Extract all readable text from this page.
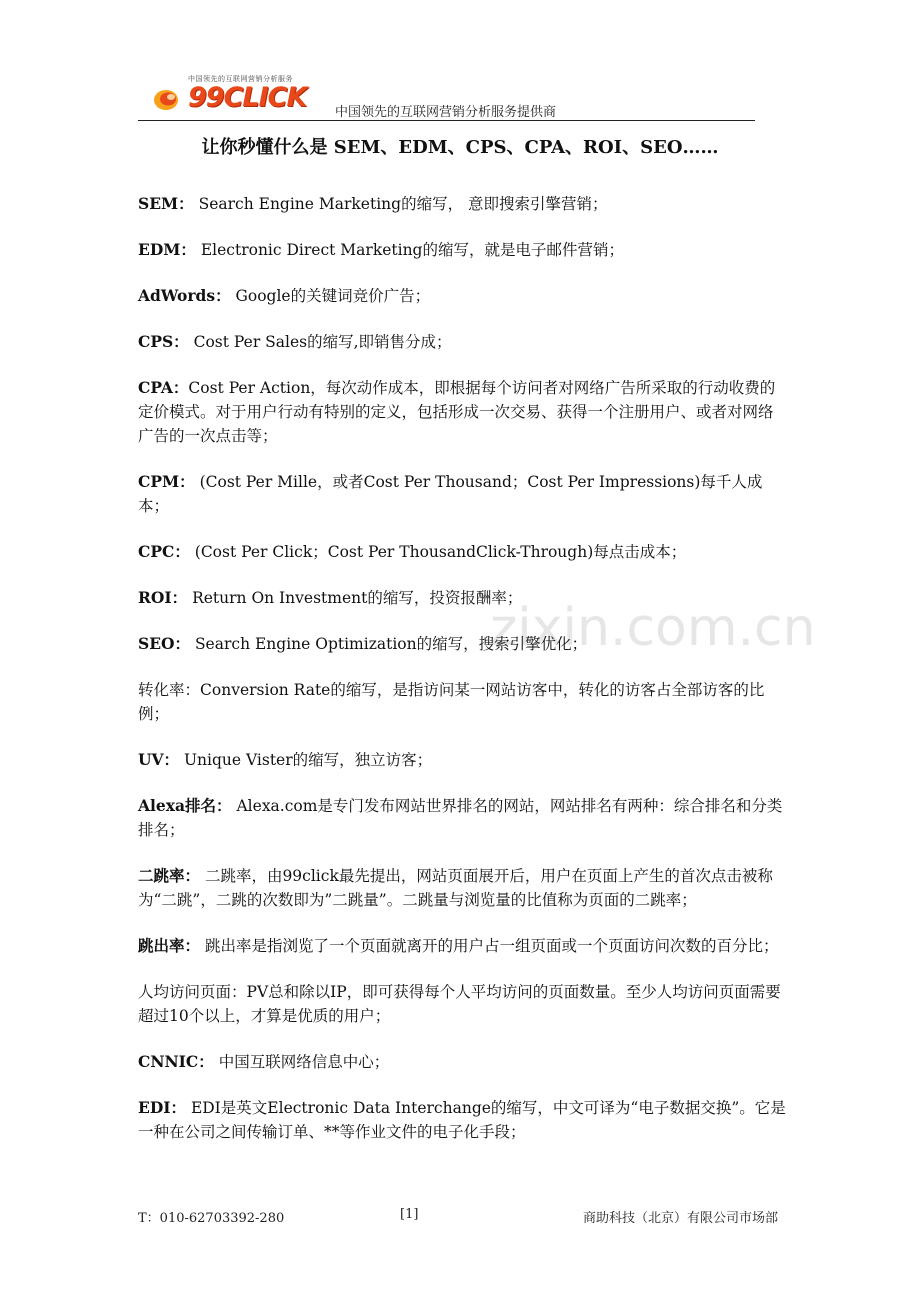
zixin.com.cn
中国领先的互联网营销分析服务
99CLICK 中国领先的互联网营销分析服务提供商
让你秒懂什么是 SEM、EDM、CPS、CPA、ROI、SEO……

SEM： Search Engine Marketing的缩写， 意即搜索引擎营销；

EDM： Electronic Direct Marketing的缩写，就是电子邮件营销；

AdWords： Google的关键词竞价广告；

CPS： Cost Per Sales的缩写,即销售分成；

CPA：Cost Per Action，每次动作成本，即根据每个访问者对网络广告所采取的行动收费的定价模式。对于用户行动有特别的定义，包括形成一次交易、获得一个注册用户、或者对网络广告的一次点击等；

CPM： (Cost Per Mille，或者Cost Per Thousand；Cost Per Impressions)每千人成本；

CPC： (Cost Per Click；Cost Per ThousandClick-Through)每点击成本；

ROI： Return On Investment的缩写，投资报酬率；

SEO： Search Engine Optimization的缩写，搜索引擎优化；

转化率：Conversion Rate的缩写，是指访问某一网站访客中，转化的访客占全部访客的比例；

UV： Unique Vister的缩写，独立访客；

Alexa排名： Alexa.com是专门发布网站世界排名的网站，网站排名有两种：综合排名和分类排名；

二跳率： 二跳率，由99click最先提出，网站页面展开后，用户在页面上产生的首次点击被称为“二跳”，二跳的次数即为”二跳量”。二跳量与浏览量的比值称为页面的二跳率；

跳出率： 跳出率是指浏览了一个页面就离开的用户占一组页面或一个页面访问次数的百分比；

人均访问页面：PV总和除以IP，即可获得每个人平均访问的页面数量。至少人均访问页面需要超过10个以上，才算是优质的用户；

CNNIC： 中国互联网络信息中心；

EDI： EDI是英文Electronic Data Interchange的缩写，中文可译为“电子数据交换”。它是一种在公司之间传输订单、**等作业文件的电子化手段；

T：010-62703392-280	[1]	商助科技（北京）有限公司市场部
